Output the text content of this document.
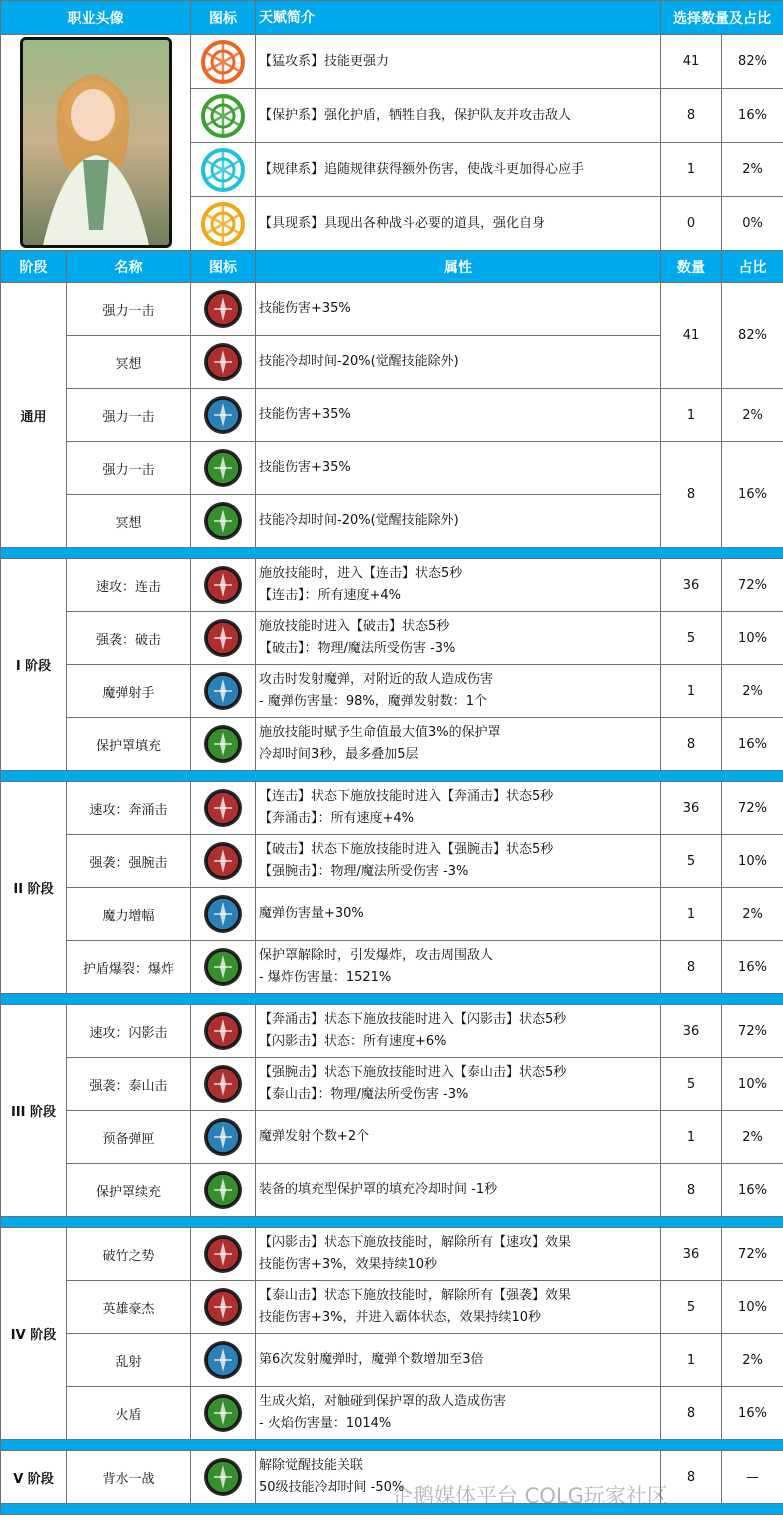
职业头像		图标	天赋简介	选择数量及占比	

	【猛攻系】技能更强力	41	82%

	【保护系】强化护盾，牺牲自我，保护队友并攻击敌人	8	16%

	【规律系】追随规律获得额外伤害，使战斗更加得心应手	1	2%

	【具现系】具现出各种战斗必要的道具，强化自身	0	0%
阶段	名称	图标	属性	数量	占比
通用	强力一击		技能伤害+35%	41	82%
	冥想		技能冷却时间-20%(觉醒技能除外)		

	强力一击		技能伤害+35%	1	2%
	强力一击		技能伤害+35%	8	16%
	冥想		技能冷却时间-20%(觉醒技能除外)		

I 阶段	速攻：连击		施放技能时，进入【连击】状态5秒
【连击】：所有速度+4%	36	72%
	强袭：破击		施放技能时进入【破击】状态5秒
【破击】：物理/魔法所受伤害 -3%	5	10%
	魔弹射手		攻击时发射魔弹，对附近的敌人造成伤害
- 魔弹伤害量：98%，魔弹发射数：1个	1	2%
	保护罩填充		施放技能时赋予生命值最大值3%的保护罩
冷却时间3秒，最多叠加5层	8	16%

II 阶段	速攻：奔涌击		【连击】状态下施放技能时进入【奔涌击】状态5秒
【奔涌击】：所有速度+4%	36	72%
	强袭：强腕击		【破击】状态下施放技能时进入【强腕击】状态5秒
【强腕击】：物理/魔法所受伤害 -3%	5	10%
	魔力增幅		魔弹伤害量+30%	1	2%
	护盾爆裂：爆炸		保护罩解除时，引发爆炸，攻击周围敌人
- 爆炸伤害量：1521%	8	16%

III 阶段	速攻：闪影击		【奔涌击】状态下施放技能时进入【闪影击】状态5秒
【闪影击】状态：所有速度+6%	36	72%
	强袭：泰山击		【强腕击】状态下施放技能时进入【泰山击】状态5秒
【泰山击】：物理/魔法所受伤害 -3%	5	10%
	预备弹匣		魔弹发射个数+2个	1	2%
	保护罩续充		装备的填充型保护罩的填充冷却时间 -1秒	8	16%

IV 阶段	破竹之势		【闪影击】状态下施放技能时，解除所有【速攻】效果
技能伤害+3%，效果持续10秒	36	72%
	英雄豪杰		【泰山击】状态下施放技能时，解除所有【强袭】效果
技能伤害+3%，并进入霸体状态，效果持续10秒	5	10%
	乱射		第6次发射魔弹时，魔弹个数增加至3倍	1	2%
	火盾		生成火焰，对触碰到保护罩的敌人造成伤害
- 火焰伤害量：1014%	8	16%

V 阶段	背水一战		解除觉醒技能关联
50级技能冷却时间 -50%	8	—

企鹅媒体平台 COLG玩家社区
